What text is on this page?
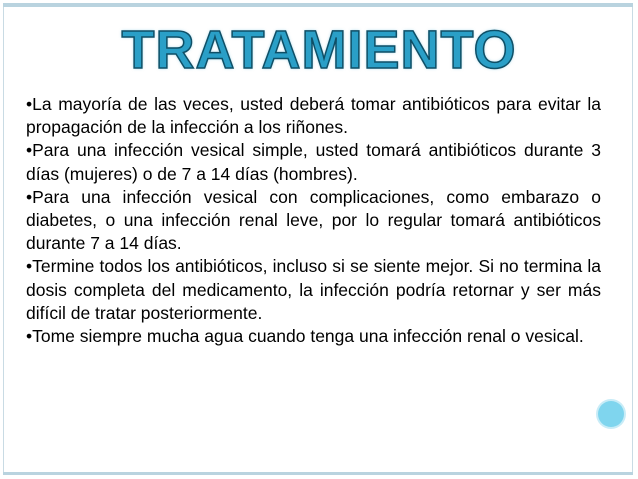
TRATAMIENTO

•La mayoría de las veces, usted deberá tomar antibióticos para evitar la propagación de la infección a los riñones.

•Para una infección vesical simple, usted tomará antibióticos durante 3 días (mujeres) o de 7 a 14 días (hombres).

•Para una infección vesical con complicaciones, como embarazo o diabetes, o una infección renal leve, por lo regular tomará antibióticos durante 7 a 14 días.

•Termine todos los antibióticos, incluso si se siente mejor. Si no termina la dosis completa del medicamento, la infección podría retornar y ser más difícil de tratar posteriormente.

•Tome siempre mucha agua cuando tenga una infección renal o vesical.
